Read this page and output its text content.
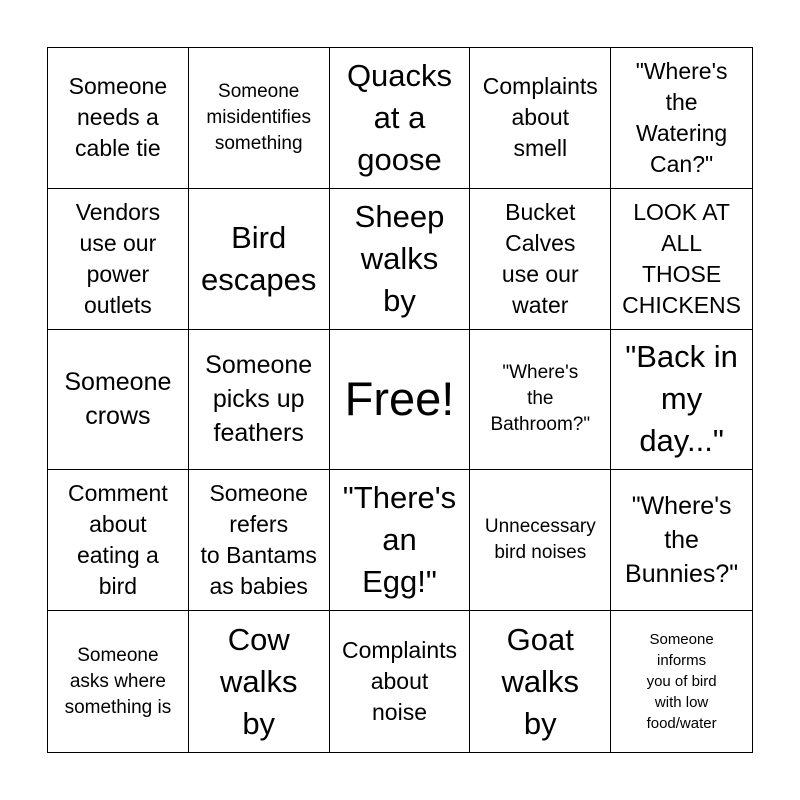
Someone
needs a
cable tie
Someone
misidentifies
something
Quacks
at a
goose
Complaints
about
smell
"Where's
the
Watering
Can?"
Vendors
use our
power
outlets
Bird
escapes
Sheep
walks
by
Bucket
Calves
use our
water
LOOK AT
ALL
THOSE
CHICKENS
Someone
crows
Someone
picks up
feathers
Free!	"Where's
the
Bathroom?"
"Back in
my
day..."
Comment
about
eating a
bird
Someone
refers
to Bantams
as babies
"There's
an
Egg!"
Unnecessary
bird noises
"Where's
the
Bunnies?"
Someone
asks where
something is
Cow
walks
by
Complaints
about
noise
Goat
walks
by
Someone
informs
you of bird
with low
food/water
